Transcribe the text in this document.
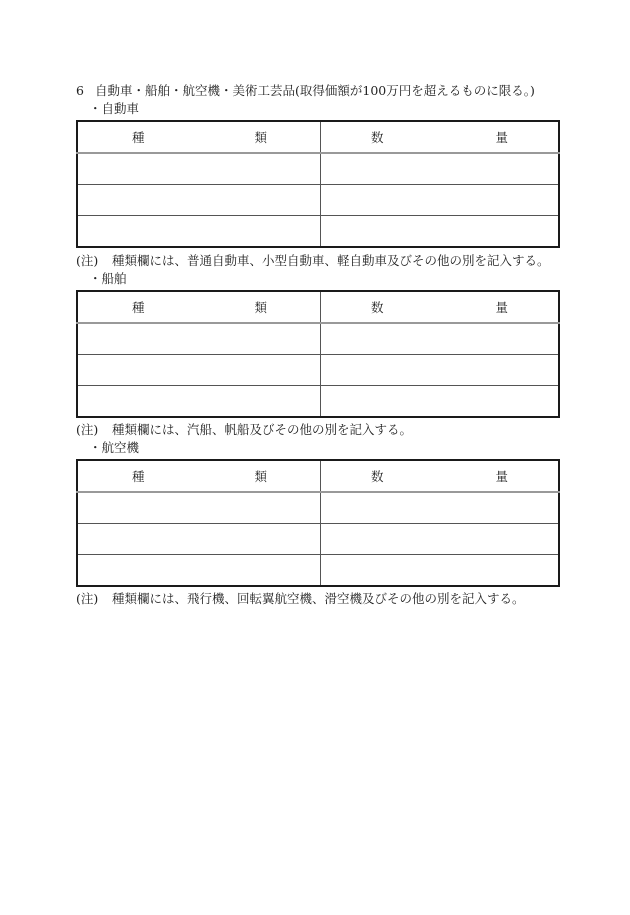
6 自動車・船舶・航空機・美術工芸品(取得価額が100万円を超えるものに限る。)
・自動車
種 類	数 量

(注) 種類欄には、普通自動車、小型自動車、軽自動車及びその他の別を記入する。
・船舶
種 類	数 量

(注) 種類欄には、汽船、帆船及びその他の別を記入する。
・航空機
種 類	数 量

(注) 種類欄には、飛行機、回転翼航空機、滑空機及びその他の別を記入する。
